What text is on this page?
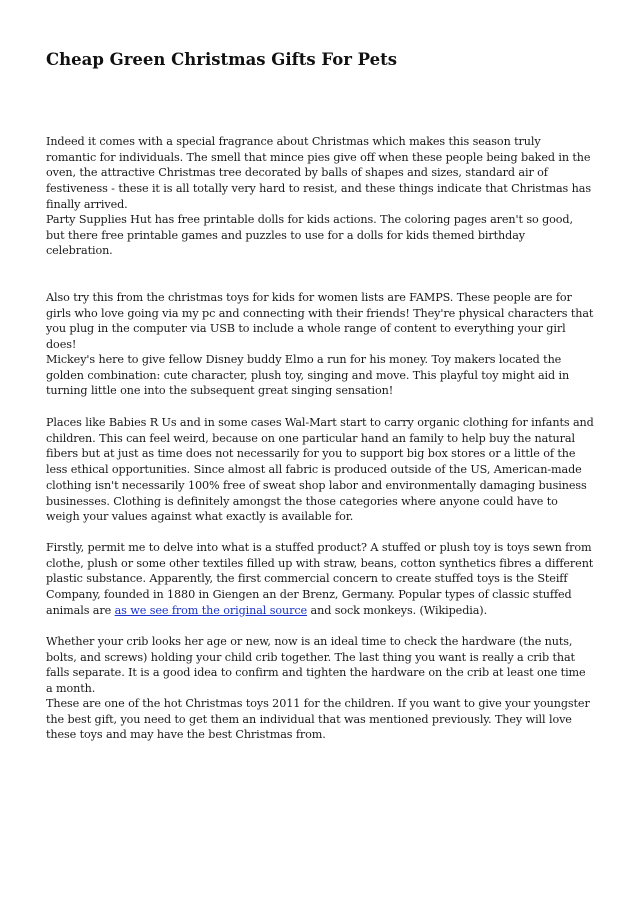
Cheap Green Christmas Gifts For Pets

Indeed it comes with a special fragrance about Christmas which makes this season truly romantic for individuals. The smell that mince pies give off when these people being baked in the oven, the attractive Christmas tree decorated by balls of shapes and sizes, standard air of festiveness - these it is all totally very hard to resist, and these things indicate that Christmas has finally arrived.

Party Supplies Hut has free printable dolls for kids actions. The coloring pages aren't so good, but there free printable games and puzzles to use for a dolls for kids themed birthday celebration.

Also try this from the christmas toys for kids for women lists are FAMPS. These people are for girls who love going via my pc and connecting with their friends! They're physical characters that you plug in the computer via USB to include a whole range of content to everything your girl does!

Mickey's here to give fellow Disney buddy Elmo a run for his money. Toy makers located the golden combination: cute character, plush toy, singing and move. This playful toy might aid in turning little one into the subsequent great singing sensation!

Places like Babies R Us and in some cases Wal-Mart start to carry organic clothing for infants and children. This can feel weird, because on one particular hand an family to help buy the natural fibers but at just as time does not necessarily for you to support big box stores or a little of the less ethical opportunities. Since almost all fabric is produced outside of the US, American-made clothing isn't necessarily 100% free of sweat shop labor and environmentally damaging business businesses. Clothing is definitely amongst the those categories where anyone could have to weigh your values against what exactly is available for.

Firstly, permit me to delve into what is a stuffed product? A stuffed or plush toy is toys sewn from clothe, plush or some other textiles filled up with straw, beans, cotton synthetics fibres a different plastic substance. Apparently, the first commercial concern to create stuffed toys is the Steiff Company, founded in 1880 in Giengen an der Brenz, Germany. Popular types of classic stuffed animals are as we see from the original source and sock monkeys. (Wikipedia).

Whether your crib looks her age or new, now is an ideal time to check the hardware (the nuts, bolts, and screws) holding your child crib together. The last thing you want is really a crib that falls separate. It is a good idea to confirm and tighten the hardware on the crib at least one time a month.

These are one of the hot Christmas toys 2011 for the children. If you want to give your youngster the best gift, you need to get them an individual that was mentioned previously. They will love these toys and may have the best Christmas from.
